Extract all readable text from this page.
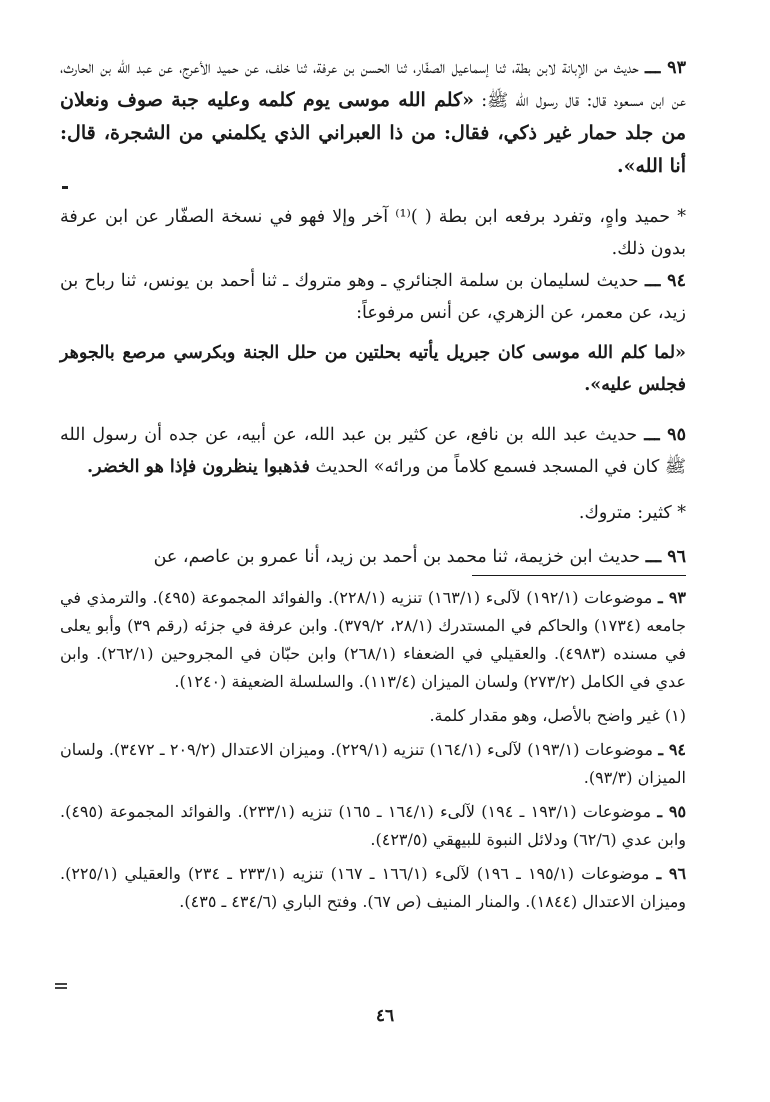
٩٣ ـــ حديث من الإبانة لابن بطة، ثنا إسماعيل الصفّار، ثنا الحسن بن عرفة، ثنا خلف، عن حميد الأعرج، عن عبد الله بن الحارث، عن ابن مسعود قال: قال رسول الله ﷺ: «كلم الله موسى يوم كلمه وعليه جبة صوف ونعلان من جلد حمار غير ذكي، فقال: من ذا العبراني الذي يكلمني من الشجرة، قال: أنا الله».

* حميد واهٍ، وتفرد برفعه ابن بطة ( )⁽¹⁾ آخر وإلا فهو في نسخة الصفّار عن ابن عرفة بدون ذلك.

٩٤ ـــ حديث لسليمان بن سلمة الجنائري ـ وهو متروك ـ ثنا أحمد بن يونس، ثنا رباح بن زيد، عن معمر، عن الزهري، عن أنس مرفوعاً:

«لما كلم الله موسى كان جبريل يأتيه بحلتين من حلل الجنة وبكرسي مرصع بالجوهر فجلس عليه».

٩٥ ـــ حديث عبد الله بن نافع، عن كثير بن عبد الله، عن أبيه، عن جده أن رسول الله ﷺ كان في المسجد فسمع كلاماً من ورائه» الحديث فذهبوا ينظرون فإذا هو الخضر.

* كثير: متروك.

٩٦ ـــ حديث ابن خزيمة، ثنا محمد بن أحمد بن زيد، أنا عمرو بن عاصم، عن

٩٣ ـ موضوعات (١٩٢/١) لآلىء (١٦٣/١) تنزيه (٢٢٨/١). والفوائد المجموعة (٤٩٥). والترمذي في جامعه (١٧٣٤) والحاكم في المستدرك (٢٨/١، ٣٧٩/٢). وابن عرفة في جزئه (رقم ٣٩) وأبو يعلى في مسنده (٤٩٨٣). والعقيلي في الضعفاء (٢٦٨/١) وابن حبّان في المجروحين (٢٦٢/١). وابن عدي في الكامل (٢٧٣/٢) ولسان الميزان (١١٣/٤). والسلسلة الضعيفة (١٢٤٠).

(١) غير واضح بالأصل، وهو مقدار كلمة.

٩٤ ـ موضوعات (١٩٣/١) لآلىء (١٦٤/١) تنزيه (٢٢٩/١). وميزان الاعتدال (٢٠٩/٢ ـ ٣٤٧٢). ولسان الميزان (٩٣/٣).

٩٥ ـ موضوعات (١٩٣/١ ـ ١٩٤) لآلىء (١٦٤/١ ـ ١٦٥) تنزيه (٢٣٣/١). والفوائد المجموعة (٤٩٥). وابن عدي (٦٢/٦) ودلائل النبوة للبيهقي (٤٢٣/٥).

٩٦ ـ موضوعات (١٩٥/١ ـ ١٩٦) لآلىء (١٦٦/١ ـ ١٦٧) تنزيه (٢٣٣/١ ـ ٢٣٤) والعقيلي (٢٢٥/١). وميزان الاعتدال (١٨٤٤). والمنار المنيف (ص ٦٧). وفتح الباري (٤٣٤/٦ ـ ٤٣٥).

٤٦
